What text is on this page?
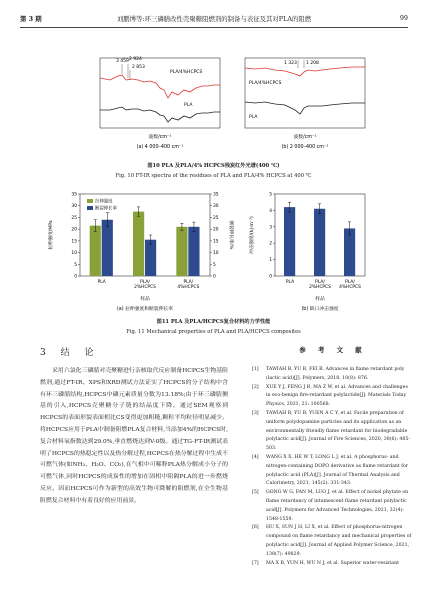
第 3 期	刘鹏博等:环三磷腈改性壳聚糖阻燃剂的制备与表征及其对PLA的阻燃	99
3 459 2 924
2 853
PLA/4%HCPCS
PLA
波数/cm⁻¹
(a) 4 000–400 cm⁻¹
1 323 1 208
PLA/4%HCPCS
PLA
波数/cm⁻¹
(b) 2 000–400 cm⁻¹
图10 PLA 及PLA/4% HCPCS残炭红外光谱(400 ℃)
Fig. 10 FT-IR spectra of the residues of PLA and PLA/4% HCPCS at 400 ℃
拉伸强度/MPa	断裂伸长率/%
拉伸强度
断裂伸长率
样品
(a) 拉伸强度和断裂伸长率
0	0
5	5
10	10
15	15
20	20
25	25
30	30
35	35
PLA	PLA/
2%HCPCS
PLA/
4%HCPCS
冲击强度/(kJ·m⁻²)
样品
(b) 缺口冲击强度
0
1
2
3
4
5
PLA	PLA/
2%HCPCS
PLA/
4%HCPCS
图11 PLA 及PLA/HCPCS复合材料的力学性能
Fig. 11 Mechanical properties of PLA and PLA/HCPCS composites
3 结 论
采用六氯化三磷腈对壳聚糖进行亲核取代反应制备HCPCS生物基阻燃剂,通过FT-IR、XPS和XRD测试方法证实了HCPCS的分子结构中含有环三磷腈结构,HCPCS中磷元素质量分数为13.18%;由于环三磷腈侧基的引入,HCPCS壳聚糖分子链的结晶度下降。通过SEM观察到HCPCS的表面形貌表面相比CS变得更加粗糙,颗粒平均粒径明显减少。将HCPCS应用于PLA中制备阻燃PLA复合材料,当添加4%的HCPCS时,复合材料氧指数达到29.0%,垂直燃烧达到V-0级。通过TG-FT-IR测试表明了HCPCS的热稳定性以及热分解过程,HCPCS在热分解过程中生成不可燃气体(如NH₃、H₂O、CO₂),在气相中可稀释PLA热分解成小分子的可燃气体,同时HCPCS的成炭性的增加在固相中阻隔PLA的进一步燃烧反应。因而HCPCS可作为新型的高效生物可降解的阻燃剂,在全生物基阻燃复合材料中有着良好的应用前景。
参 考 文 献
[1] TAWIAH B, YU B, FEI B. Advances in flame retardant poly (lactic acid)[J]. Polymers, 2018, 10(8): 876.
[2] XUE Y J, FENG J B, MA Z W, et al. Advances and challenges in eco-benign fire-retardant polylactide[J]. Materials Today Physics, 2021, 21: 100568.
[3] TAWIAH B, YU B, YUEN A C Y, et al. Facile preparation of uniform polydopamine particles and its application as an environmentally friendly flame retardant for biodegradable polylactic acid[J]. Journal of Fire Sciences, 2020, 38(6): 485-503.
[4] WANG X X, HE W T, LONG L J, et al. A phosphorus- and nitrogen-containing DOPO derivative as flame retardant for polylactic acid (PLA)[J]. Journal of Thermal Analysis and Calorimetry, 2021, 145(2): 331-343.
[5] GONG W G, FAN M, LUO J, et al. Effect of nickel phytate on flame retardancy of intumescent flame retardant polylactic acid[J]. Polymers for Advanced Technologies, 2021, 32(4): 1548-1559.
[6] HU X, SUN J H, LI X, et al. Effect of phosphorus-nitrogen compound on flame retardancy and mechanical properties of polylactic acid[J]. Journal of Applied Polymer Science, 2021, 138(7): 49829.
[7] MA X B, YUN H, WU N J, et al. Superior water-resistant
